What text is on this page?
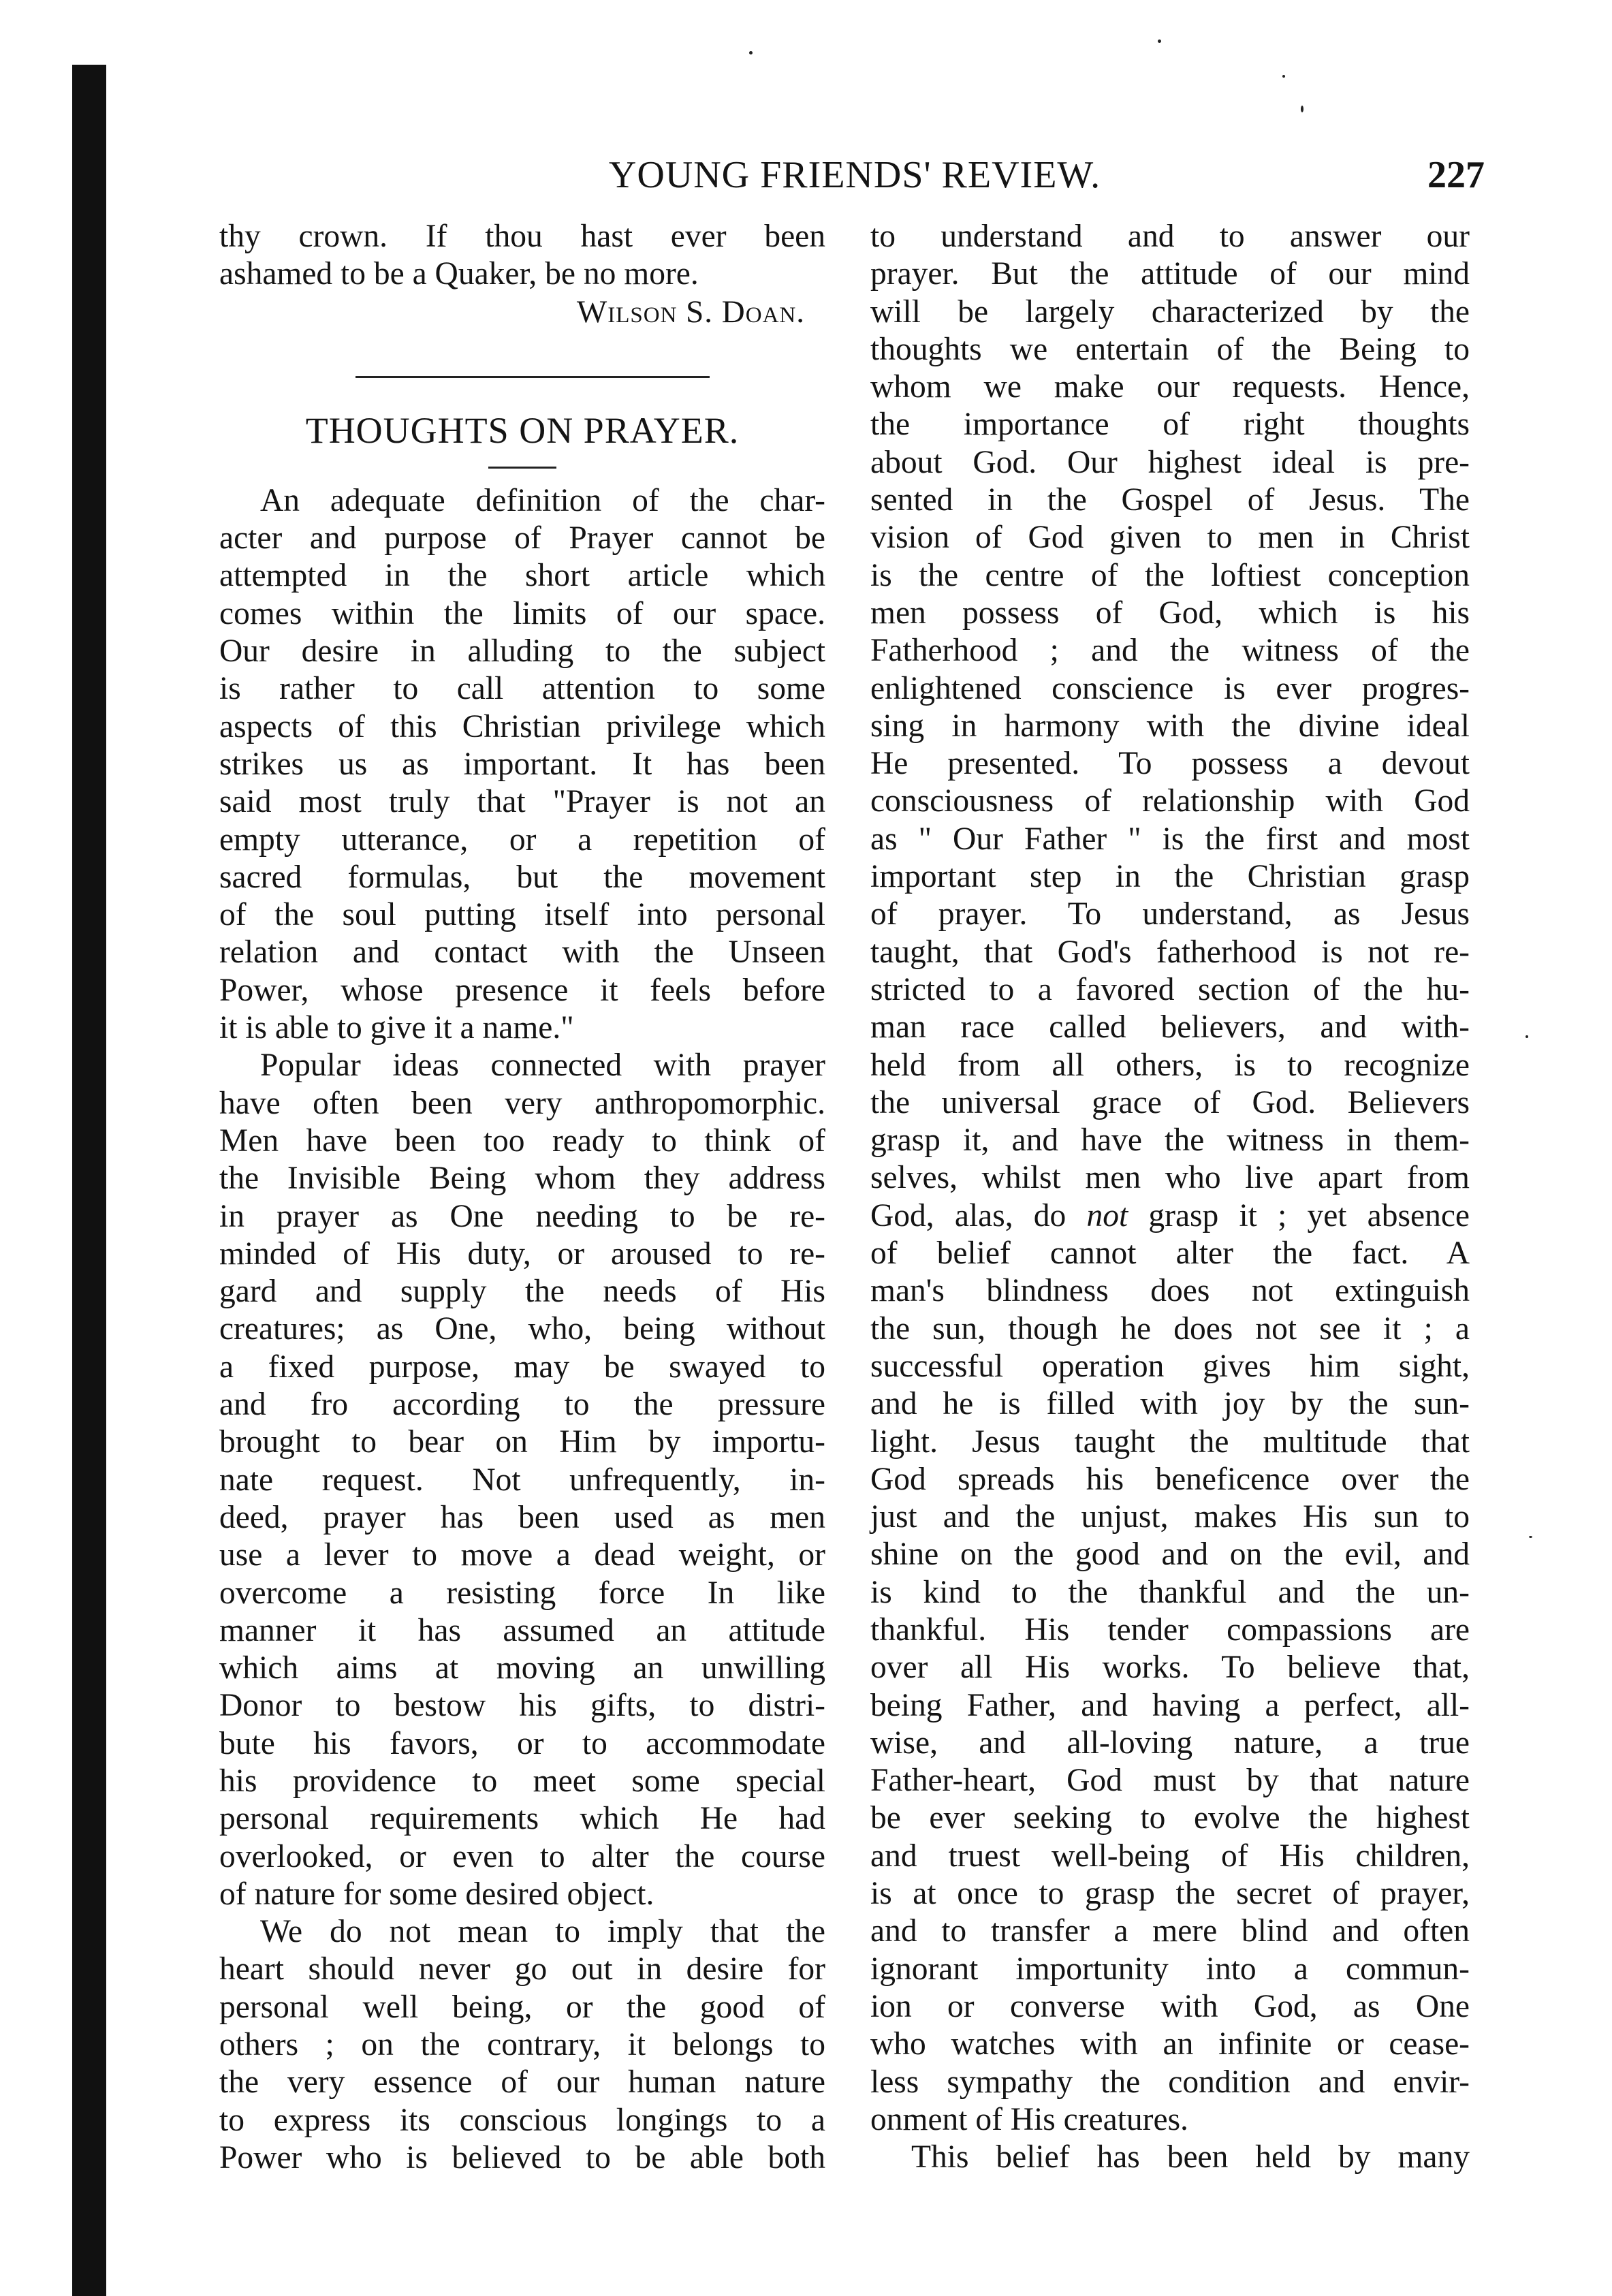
YOUNG FRIENDS' REVIEW.	227
thy crown. If thou hast ever been
ashamed to be a Quaker, be no more.
Wilson S. Doan.
THOUGHTS ON PRAYER.
An adequate definition of the char-
acter and purpose of Prayer cannot be
attempted in the short article which
comes within the limits of our space.
Our desire in alluding to the subject
is rather to call attention to some
aspects of this Christian privilege which
strikes us as important. It has been
said most truly that "Prayer is not an
empty utterance, or a repetition of
sacred formulas, but the movement
of the soul putting itself into personal
relation and contact with the Unseen
Power, whose presence it feels before
it is able to give it a name."
Popular ideas connected with prayer
have often been very anthropomorphic.
Men have been too ready to think of
the Invisible Being whom they address
in prayer as One needing to be re-
minded of His duty, or aroused to re-
gard and supply the needs of His
creatures; as One, who, being without
a fixed purpose, may be swayed to
and fro according to the pressure
brought to bear on Him by importu-
nate request. Not unfrequently, in-
deed, prayer has been used as men
use a lever to move a dead weight, or
overcome a resisting force In like
manner it has assumed an attitude
which aims at moving an unwilling
Donor to bestow his gifts, to distri-
bute his favors, or to accommodate
his providence to meet some special
personal requirements which He had
overlooked, or even to alter the course
of nature for some desired object.
We do not mean to imply that the
heart should never go out in desire for
personal well being, or the good of
others ; on the contrary, it belongs to
the very essence of our human nature
to express its conscious longings to a
Power who is believed to be able both
to understand and to answer our
prayer. But the attitude of our mind
will be largely characterized by the
thoughts we entertain of the Being to
whom we make our requests. Hence,
the importance of right thoughts
about God. Our highest ideal is pre-
sented in the Gospel of Jesus. The
vision of God given to men in Christ
is the centre of the loftiest conception
men possess of God, which is his
Fatherhood ; and the witness of the
enlightened conscience is ever progres-
sing in harmony with the divine ideal
He presented. To possess a devout
consciousness of relationship with God
as " Our Father " is the first and most
important step in the Christian grasp
of prayer. To understand, as Jesus
taught, that God's fatherhood is not re-
stricted to a favored section of the hu-
man race called believers, and with-
held from all others, is to recognize
the universal grace of God. Believers
grasp it, and have the witness in them-
selves, whilst men who live apart from
God, alas, do not grasp it ; yet absence
of belief cannot alter the fact. A
man's blindness does not extinguish
the sun, though he does not see it ; a
successful operation gives him sight,
and he is filled with joy by the sun-
light. Jesus taught the multitude that
God spreads his beneficence over the
just and the unjust, makes His sun to
shine on the good and on the evil, and
is kind to the thankful and the un-
thankful. His tender compassions are
over all His works. To believe that,
being Father, and having a perfect, all-
wise, and all-loving nature, a true
Father-heart, God must by that nature
be ever seeking to evolve the highest
and truest well-being of His children,
is at once to grasp the secret of prayer,
and to transfer a mere blind and often
ignorant importunity into a commun-
ion or converse with God, as One
who watches with an infinite or cease-
less sympathy the condition and envir-
onment of His creatures.
This belief has been held by many
